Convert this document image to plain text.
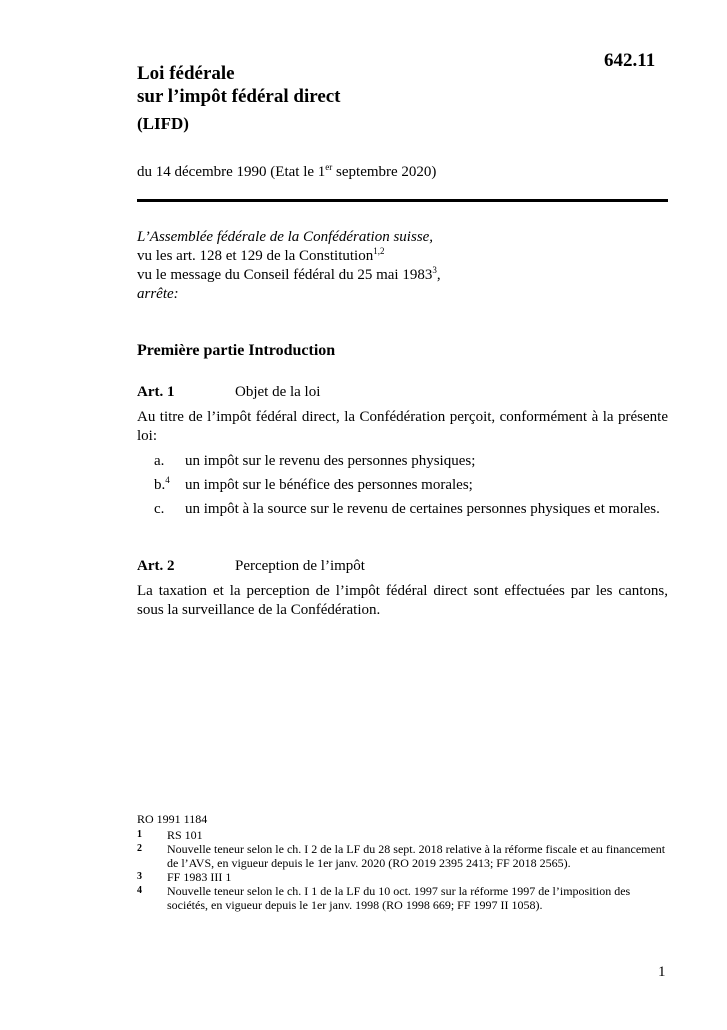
642.11
Loi fédérale
sur l’impôt fédéral direct
(LIFD)
du 14 décembre 1990 (Etat le 1er septembre 2020)
L’Assemblée fédérale de la Confédération suisse,
vu les art. 128 et 129 de la Constitution$^{1,2}$
vu le message du Conseil fédéral du 25 mai 1983$^3$,
arrête:
Première partie Introduction
Art. 1	Objet de la loi
Au titre de l’impôt fédéral direct, la Confédération perçoit, conformément à la présente loi:
a. un impôt sur le revenu des personnes physiques;
b.$^4$ un impôt sur le bénéfice des personnes morales;
c. un impôt à la source sur le revenu de certaines personnes physiques et morales.
Art. 2	Perception de l’impôt
La taxation et la perception de l’impôt fédéral direct sont effectuées par les cantons, sous la surveillance de la Confédération.
RO 1991 1184
1 RS 101
2 Nouvelle teneur selon le ch. I 2 de la LF du 28 sept. 2018 relative à la réforme fiscale et au financement de l’AVS, en vigueur depuis le 1er janv. 2020 (RO 2019 2395 2413; FF 2018 2565).
3 FF 1983 III 1
4 Nouvelle teneur selon le ch. I 1 de la LF du 10 oct. 1997 sur la réforme 1997 de l’imposition des sociétés, en vigueur depuis le 1er janv. 1998 (RO 1998 669; FF 1997 II 1058).
1
